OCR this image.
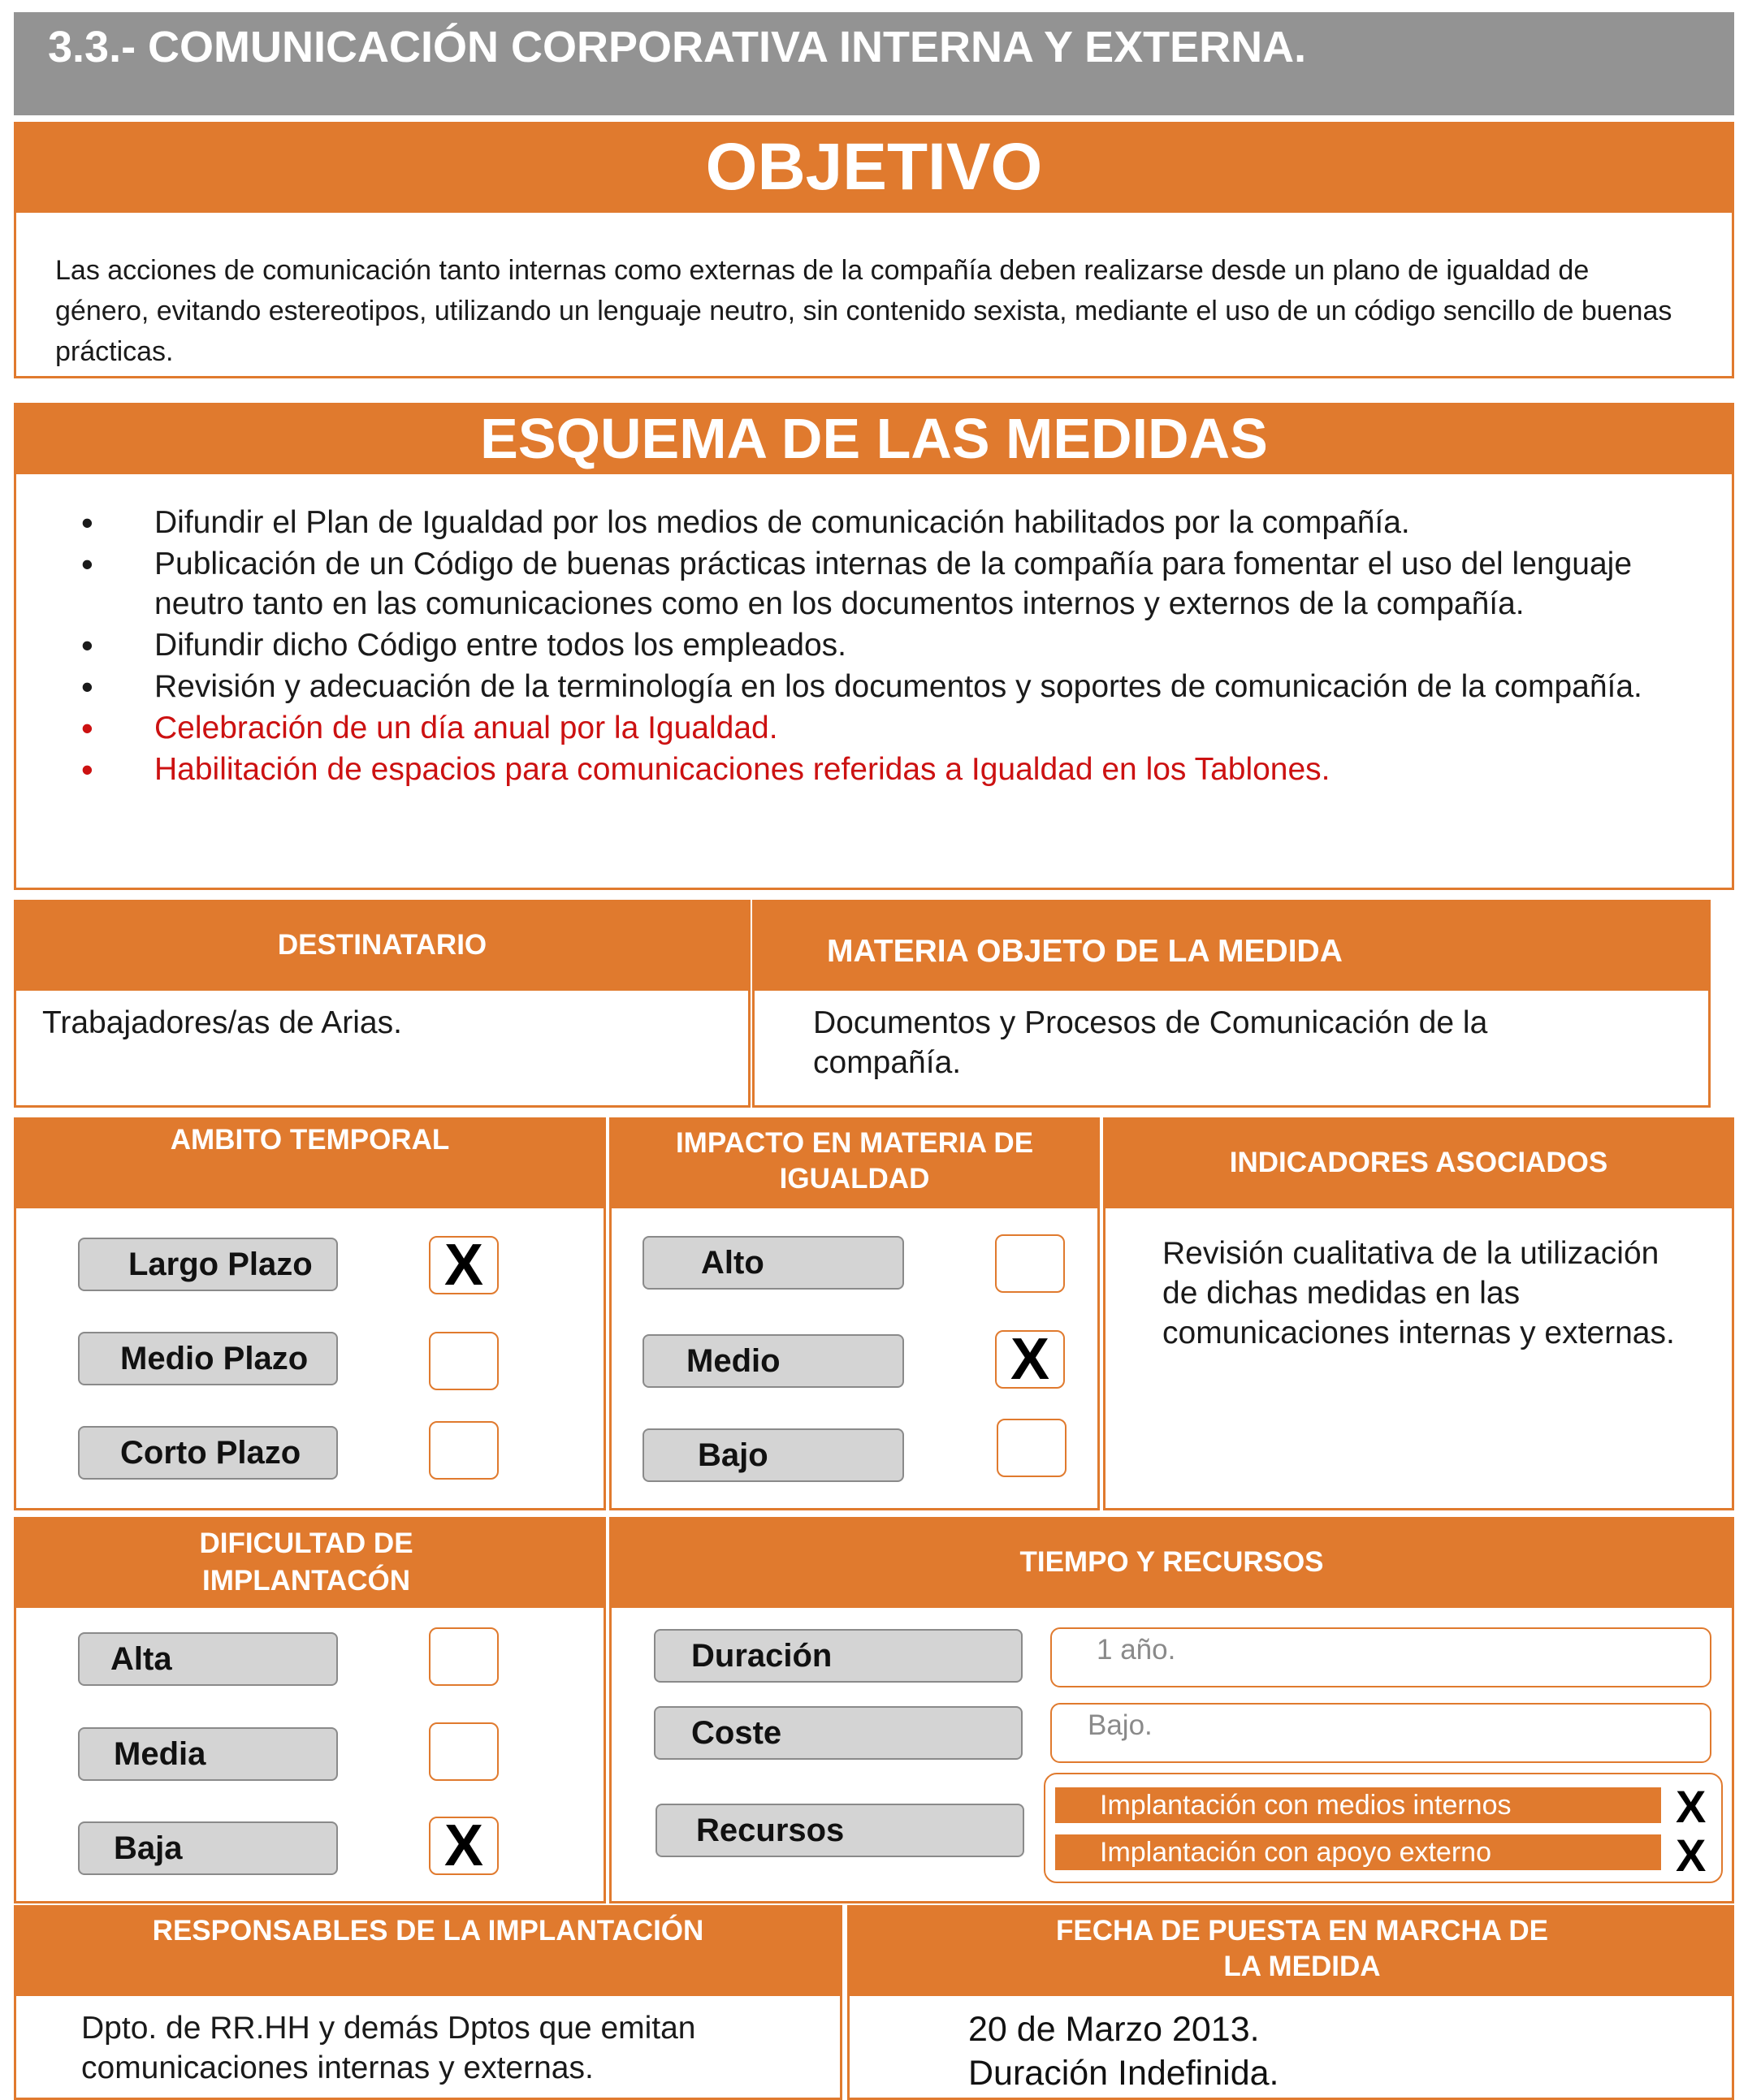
3.3.- COMUNICACIÓN CORPORATIVA INTERNA Y EXTERNA.
OBJETIVO
Las acciones de comunicación tanto internas como externas de la compañía deben realizarse desde un plano de igualdad de género, evitando estereotipos, utilizando un lenguaje neutro, sin contenido sexista, mediante el uso de un código sencillo de buenas prácticas.
ESQUEMA DE LAS MEDIDAS
• Difundir el Plan de Igualdad por los medios de comunicación habilitados por la compañía.
• Publicación de un Código de buenas prácticas internas de la compañía para fomentar el uso del lenguaje neutro tanto en las comunicaciones como en los documentos internos y externos de la compañía.
• Difundir dicho Código entre todos los empleados.
• Revisión y adecuación de la terminología en los documentos y soportes de comunicación de la compañía.
• Celebración de un día anual por la Igualdad.
• Habilitación de espacios para comunicaciones referidas a Igualdad en los Tablones.
DESTINATARIO
Trabajadores/as de Arias.
MATERIA OBJETO DE LA MEDIDA
Documentos y Procesos de Comunicación de la compañía.
AMBITO TEMPORAL
Largo Plazo	X
Medio Plazo
Corto Plazo
IMPACTO EN MATERIA DE IGUALDAD
Alto
Medio	X
Bajo
INDICADORES ASOCIADOS
Revisión cualitativa de la utilización de dichas medidas en las comunicaciones internas y externas.
DIFICULTAD DE IMPLANTACÓN
Alta
Media
Baja	X
TIEMPO Y RECURSOS
Duración	1 año.
Coste	Bajo.
Recursos
Implantación con medios internos	X
Implantación con apoyo externo	X
RESPONSABLES DE LA IMPLANTACIÓN
Dpto. de RR.HH y demás Dptos que emitan comunicaciones internas y externas.
FECHA DE PUESTA EN MARCHA DE LA MEDIDA
20 de Marzo 2013.
Duración Indefinida.
